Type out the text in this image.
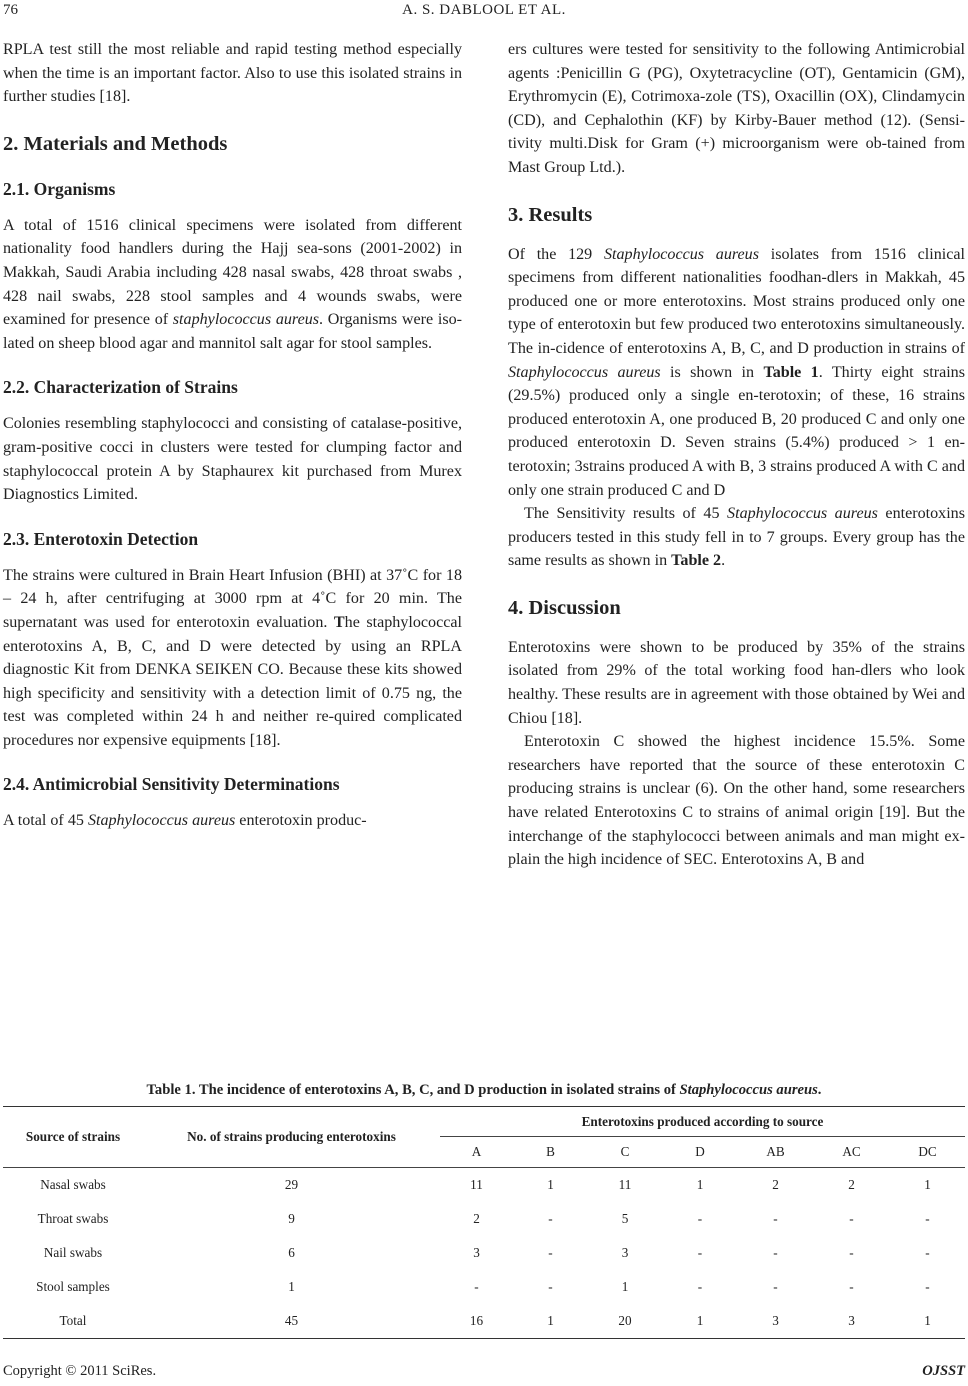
76	A. S. DABLOOL ET AL.

RPLA test still the most reliable and rapid testing method especially when the time is an important factor. Also to use this isolated strains in further studies [18].

2. Materials and Methods
2.1. Organisms

A total of 1516 clinical specimens were isolated from different nationality food handlers during the Hajj sea-sons (2001-2002) in Makkah, Saudi Arabia including 428 nasal swabs, 428 throat swabs , 428 nail swabs, 228 stool samples and 4 wounds swabs, were examined for presence of staphylococcus aureus. Organisms were iso-lated on sheep blood agar and mannitol salt agar for stool samples.

2.2. Characterization of Strains

Colonies resembling staphylococci and consisting of catalase-positive, gram-positive cocci in clusters were tested for clumping factor and staphylococcal protein A by Staphaurex kit purchased from Murex Diagnostics Limited.

2.3. Enterotoxin Detection

The strains were cultured in Brain Heart Infusion (BHI) at 37˚C for 18 – 24 h, after centrifuging at 3000 rpm at 4˚C for 20 min. The supernatant was used for enterotoxin evaluation. The staphylococcal enterotoxins A, B, C, and D were detected by using an RPLA diagnostic Kit from DENKA SEIKEN CO. Because these kits showed high specificity and sensitivity with a detection limit of 0.75 ng, the test was completed within 24 h and neither re-quired complicated procedures nor expensive equipments [18].

2.4. Antimicrobial Sensitivity Determinations

A total of 45 Staphylococcus aureus enterotoxin produc-

ers cultures were tested for sensitivity to the following Antimicrobial agents :Penicillin G (PG), Oxytetracycline (OT), Gentamicin (GM), Erythromycin (E), Cotrimoxa-zole (TS), Oxacillin (OX), Clindamycin (CD), and Cephalothin (KF) by Kirby-Bauer method (12). (Sensi-tivity multi.Disk for Gram (+) microorganism were ob-tained from Mast Group Ltd.).

3. Results

Of the 129 Staphylococcus aureus isolates from 1516 clinical specimens from different nationalities foodhan-dlers in Makkah, 45 produced one or more enterotoxins. Most strains produced only one type of enterotoxin but few produced two enterotoxins simultaneously. The in-cidence of enterotoxins A, B, C, and D production in strains of Staphylococcus aureus is shown in Table 1. Thirty eight strains (29.5%) produced only a single en-terotoxin; of these, 16 strains produced enterotoxin A, one produced B, 20 produced C and only one produced enterotoxin D. Seven strains (5.4%) produced > 1 en-terotoxin; 3strains produced A with B, 3 strains produced A with C and only one strain produced C and D

The Sensitivity results of 45 Staphylococcus aureus enterotoxins producers tested in this study fell in to 7 groups. Every group has the same results as shown in Table 2.

4. Discussion

Enterotoxins were shown to be produced by 35% of the strains isolated from 29% of the total working food han-dlers who look healthy. These results are in agreement with those obtained by Wei and Chiou [18].

Enterotoxin C showed the highest incidence 15.5%. Some researchers have reported that the source of these enterotoxin C producing strains is unclear (6). On the other hand, some researchers have related Enterotoxins C to strains of animal origin [19]. But the interchange of the staphylococci between animals and man might ex-plain the high incidence of SEC. Enterotoxins A, B and

Table 1. The incidence of enterotoxins A, B, C, and D production in isolated strains of Staphylococcus aureus.
Source of strains	No. of strains producing enterotoxins	Enterotoxins produced according to source						
		A	B	C	D	AB	AC	DC
Nasal swabs	29	11	1	11	1	2	2	1
Throat swabs	9	2	-	5	-	-	-	-
Nail swabs	6	3	-	3	-	-	-	-
Stool samples	1	-	-	1	-	-	-	-
Total	45	16	1	20	1	3	3	1
Copyright © 2011 SciRes.	OJSST
